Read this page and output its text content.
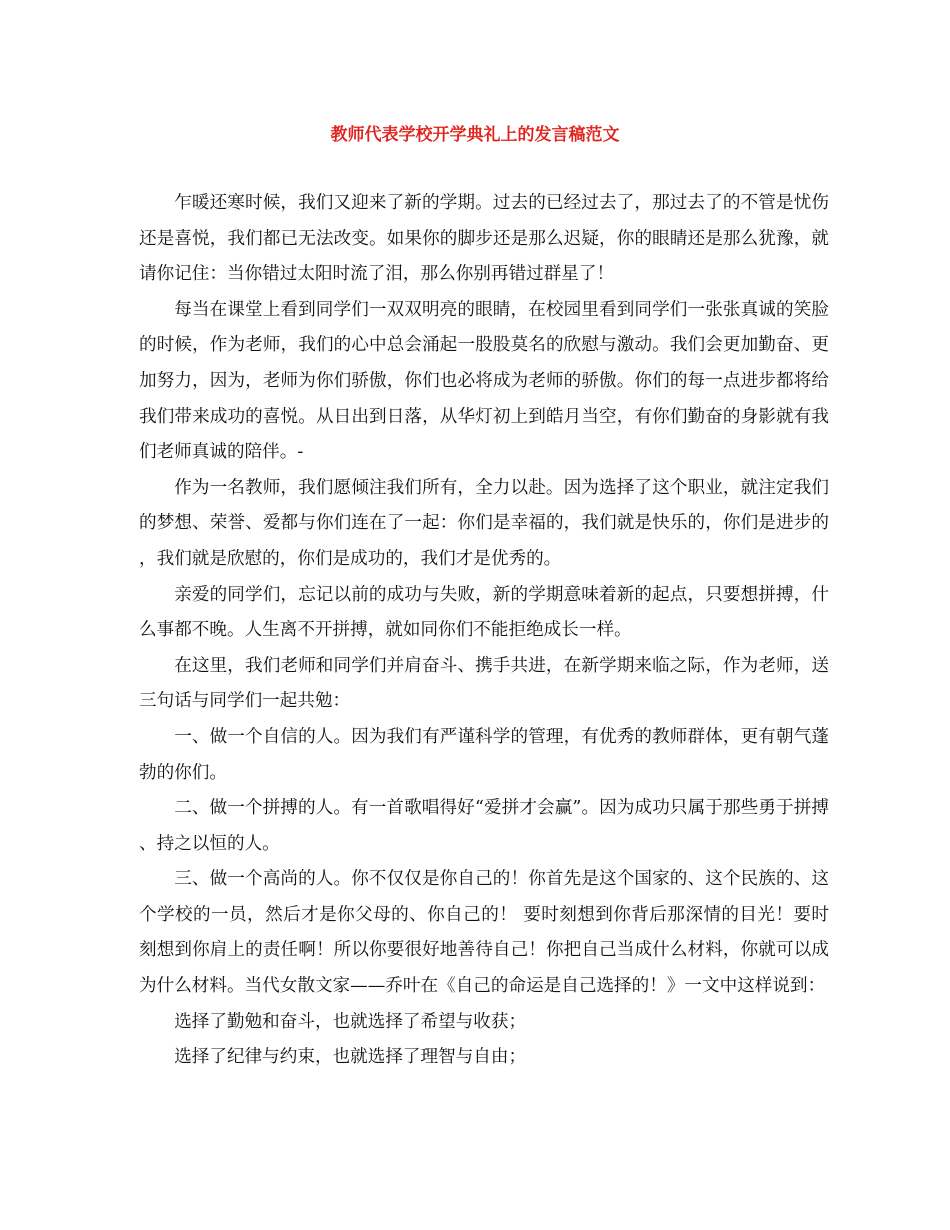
教师代表学校开学典礼上的发言稿范文

乍暖还寒时候，我们又迎来了新的学期。过去的已经过去了，那过去了的不管是忧伤还是喜悦，我们都已无法改变。如果你的脚步还是那么迟疑，你的眼睛还是那么犹豫，就请你记住：当你错过太阳时流了泪，那么你别再错过群星了！

每当在课堂上看到同学们一双双明亮的眼睛，在校园里看到同学们一张张真诚的笑脸的时候，作为老师，我们的心中总会涌起一股股莫名的欣慰与激动。我们会更加勤奋、更加努力，因为，老师为你们骄傲，你们也必将成为老师的骄傲。你们的每一点进步都将给我们带来成功的喜悦。从日出到日落，从华灯初上到皓月当空，有你们勤奋的身影就有我们老师真诚的陪伴。-

作为一名教师，我们愿倾注我们所有，全力以赴。因为选择了这个职业，就注定我们的梦想、荣誉、爱都与你们连在了一起：你们是幸福的，我们就是快乐的，你们是进步的，我们就是欣慰的，你们是成功的，我们才是优秀的。

亲爱的同学们，忘记以前的成功与失败，新的学期意味着新的起点，只要想拼搏，什么事都不晚。人生离不开拼搏，就如同你们不能拒绝成长一样。

在这里，我们老师和同学们并肩奋斗、携手共进，在新学期来临之际，作为老师，送三句话与同学们一起共勉：

一、做一个自信的人。因为我们有严谨科学的管理，有优秀的教师群体，更有朝气蓬勃的你们。

二、做一个拼搏的人。有一首歌唱得好“爱拼才会赢”。因为成功只属于那些勇于拼搏、持之以恒的人。

三、做一个高尚的人。你不仅仅是你自己的！你首先是这个国家的、这个民族的、这个学校的一员，然后才是你父母的、你自己的！ 要时刻想到你背后那深情的目光！要时刻想到你肩上的责任啊！所以你要很好地善待自己！你把自己当成什么材料，你就可以成为什么材料。当代女散文家——乔叶在《自己的命运是自己选择的！》一文中这样说到：

选择了勤勉和奋斗，也就选择了希望与收获；

选择了纪律与约束，也就选择了理智与自由；
